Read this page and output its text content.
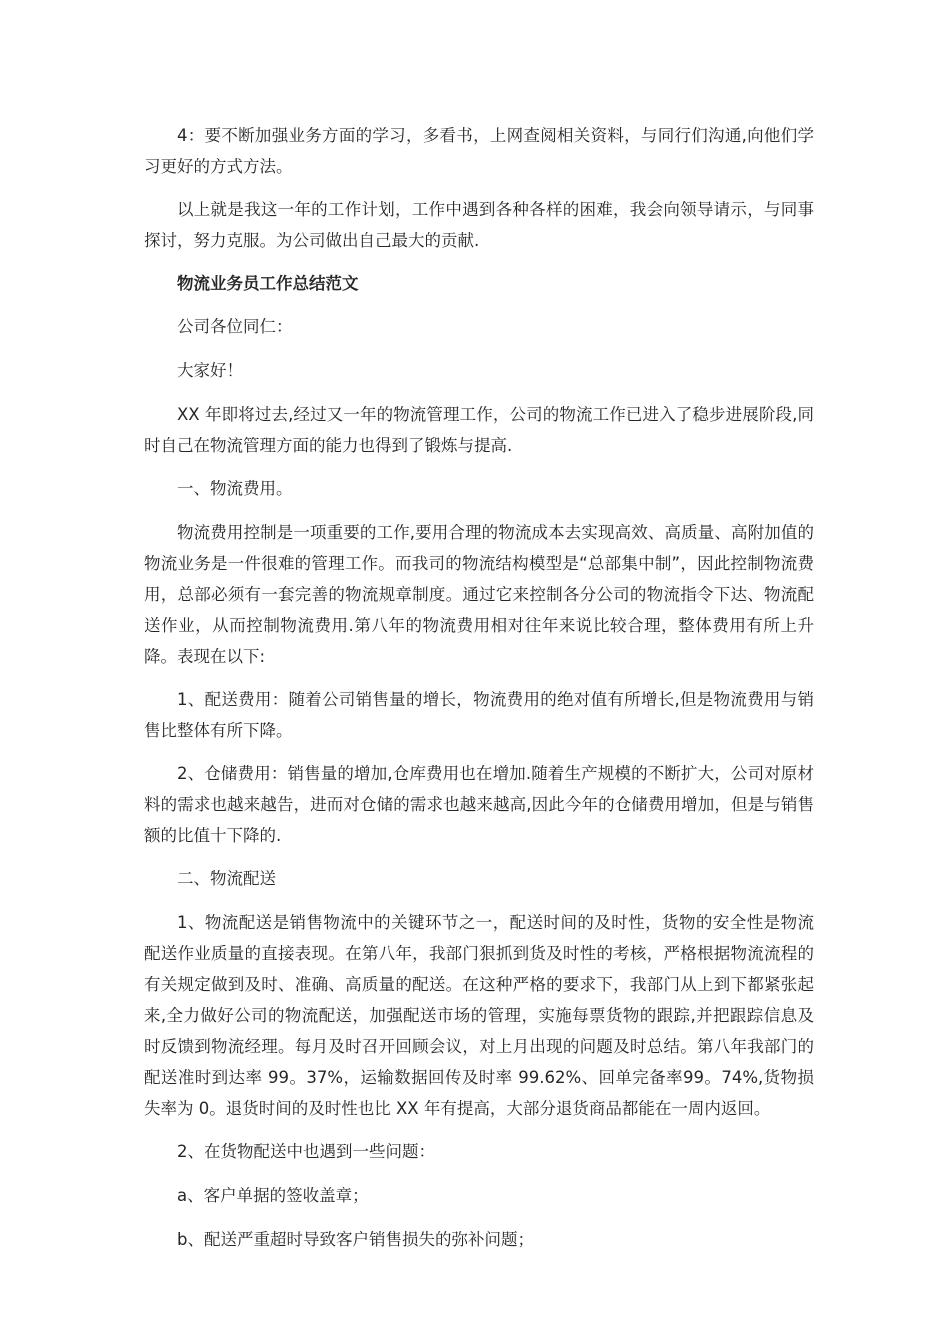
4：要不断加强业务方面的学习，多看书，上网查阅相关资料，与同行们沟通,向他们学习更好的方式方法。

以上就是我这一年的工作计划，工作中遇到各种各样的困难，我会向领导请示，与同事探讨，努力克服。为公司做出自己最大的贡献.

物流业务员工作总结范文

公司各位同仁：

大家好！

XX 年即将过去,经过又一年的物流管理工作，公司的物流工作已进入了稳步进展阶段,同时自己在物流管理方面的能力也得到了锻炼与提高.

一、物流费用。

物流费用控制是一项重要的工作,要用合理的物流成本去实现高效、高质量、高附加值的物流业务是一件很难的管理工作。而我司的物流结构模型是“总部集中制”，因此控制物流费用，总部必须有一套完善的物流规章制度。通过它来控制各分公司的物流指令下达、物流配送作业，从而控制物流费用.第八年的物流费用相对往年来说比较合理，整体费用有所上升降。表现在以下:

1、配送费用：随着公司销售量的增长，物流费用的绝对值有所增长,但是物流费用与销售比整体有所下降。

2、仓储费用：销售量的增加,仓库费用也在增加.随着生产规模的不断扩大，公司对原材料的需求也越来越告，进而对仓储的需求也越来越高,因此今年的仓储费用增加，但是与销售额的比值十下降的.

二、物流配送

1、物流配送是销售物流中的关键环节之一，配送时间的及时性，货物的安全性是物流配送作业质量的直接表现。在第八年，我部门狠抓到货及时性的考核，严格根据物流流程的有关规定做到及时、准确、高质量的配送。在这种严格的要求下，我部门从上到下都紧张起来,全力做好公司的物流配送，加强配送市场的管理，实施每票货物的跟踪,并把跟踪信息及时反馈到物流经理。每月及时召开回顾会议，对上月出现的问题及时总结。第八年我部门的配送准时到达率 99。37%，运输数据回传及时率 99.62%、回单完备率99。74%,货物损失率为 0。退货时间的及时性也比 XX 年有提高，大部分退货商品都能在一周内返回。

2、在货物配送中也遇到一些问题：

a、客户单据的签收盖章；

b、配送严重超时导致客户销售损失的弥补问题；
